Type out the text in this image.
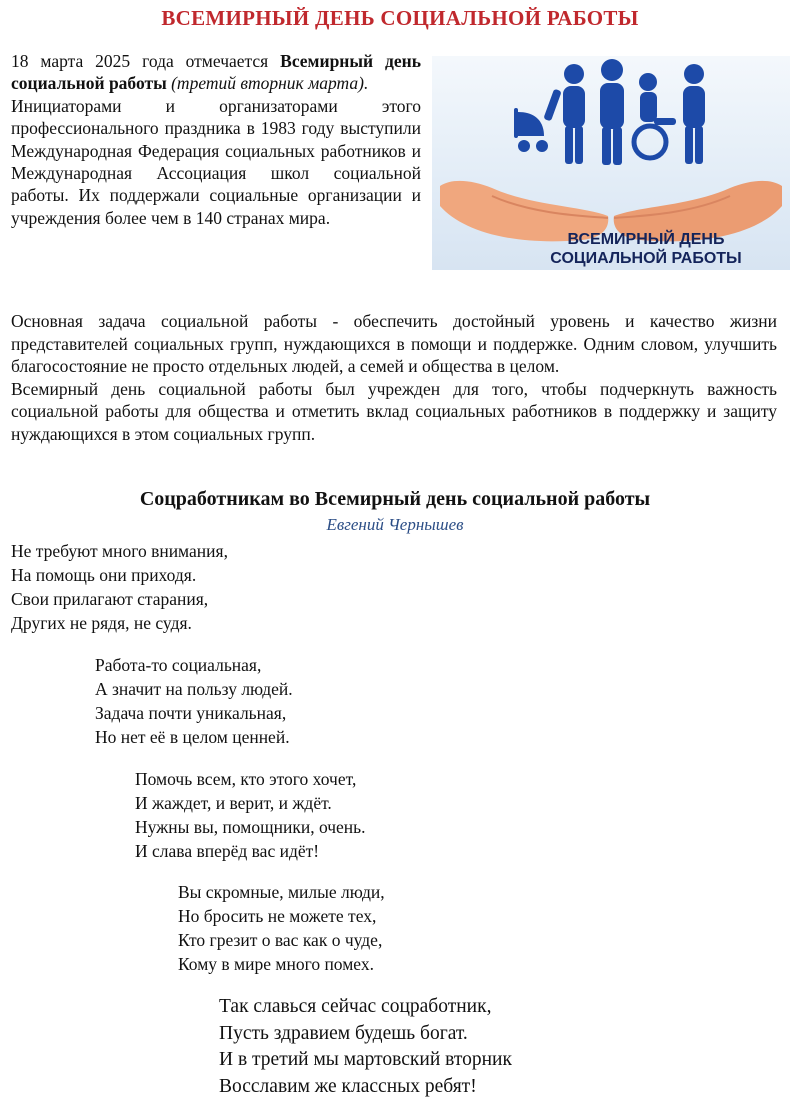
ВСЕМИРНЫЙ ДЕНЬ СОЦИАЛЬНОЙ РАБОТЫ

18 марта 2025 года отмечается Всемирный день социальной работы (третий вторник марта).

Инициаторами и организаторами этого профессионального праздника в 1983 году выступили Международная Федерация социальных работников и Международная Ассоциация школ социальной работы. Их поддержали социальные организации и учреждения более чем в 140 странах мира.

ВСЕМИРНЫЙ ДЕНЬ
СОЦИАЛЬНОЙ РАБОТЫ

Основная задача социальной работы - обеспечить достойный уровень и качество жизни представителей социальных групп, нуждающихся в помощи и поддержке. Одним словом, улучшить благосостояние не просто отдельных людей, а семей и общества в целом.

Всемирный день социальной работы был учрежден для того, чтобы подчеркнуть важность социальной работы для общества и отметить вклад социальных работников в поддержку и защиту нуждающихся в этом социальных групп.

Соцработникам во Всемирный день социальной работы
Евгений Чернышев
Не требуют много внимания,
На помощь они приходя.
Свои прилагают старания,
Других не рядя, не судя.
Работа-то социальная,
А значит на пользу людей.
Задача почти уникальная,
Но нет её в целом ценней.
Помочь всем, кто этого хочет,
И жаждет, и верит, и ждёт.
Нужны вы, помощники, очень.
И слава вперёд вас идёт!
Вы скромные, милые люди,
Но бросить не можете тех,
Кто грезит о вас как о чуде,
Кому в мире много помех.
Так славься сейчас соцработник,
Пусть здравием будешь богат.
И в третий мы мартовский вторник
Восславим же классных ребят!
